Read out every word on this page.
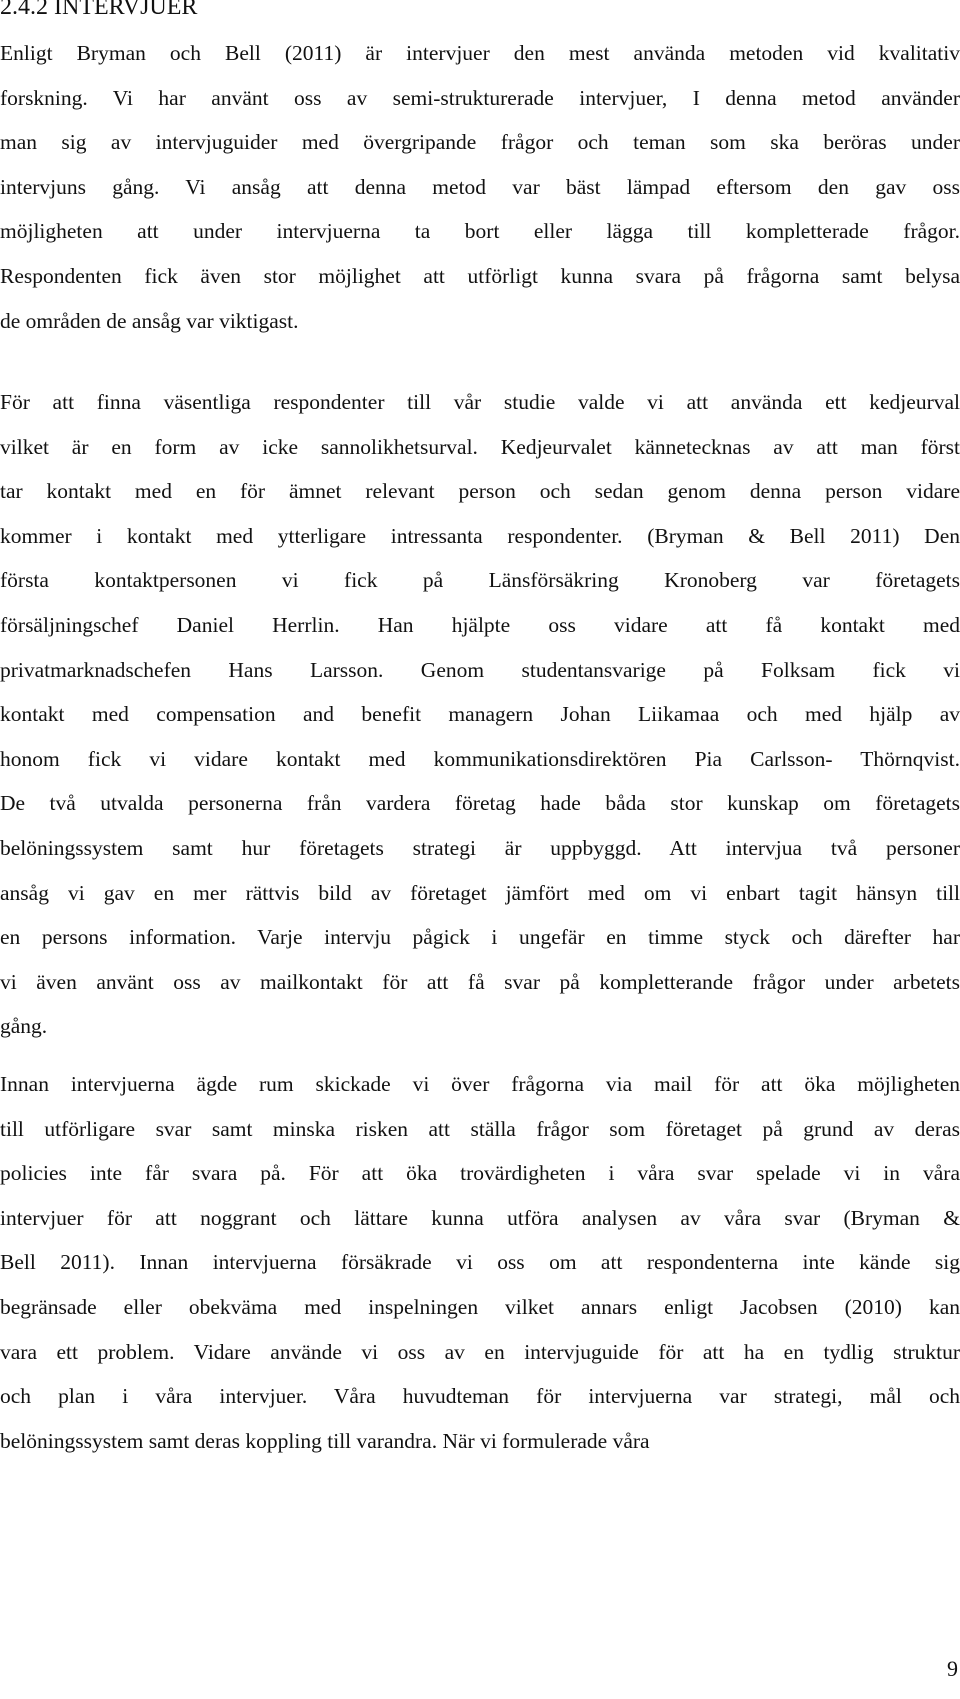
2.4.2 INTERVJUER
Enligt Bryman och Bell (2011) är intervjuer den mest använda metoden vid kvalitativ
forskning. Vi har använt oss av semi-strukturerade intervjuer, I denna metod använder
man sig av intervjuguider med övergripande frågor och teman som ska beröras under
intervjuns gång. Vi ansåg att denna metod var bäst lämpad eftersom den gav oss
möjligheten att under intervjuerna ta bort eller lägga till kompletterade frågor.
Respondenten fick även stor möjlighet att utförligt kunna svara på frågorna samt belysa
de områden de ansåg var viktigast.
För att finna väsentliga respondenter till vår studie valde vi att använda ett kedjeurval
vilket är en form av icke sannolikhetsurval. Kedjeurvalet kännetecknas av att man först
tar kontakt med en för ämnet relevant person och sedan genom denna person vidare
kommer i kontakt med ytterligare intressanta respondenter. (Bryman & Bell 2011) Den
första kontaktpersonen vi fick på Länsförsäkring Kronoberg var företagets
försäljningschef Daniel Herrlin. Han hjälpte oss vidare att få kontakt med
privatmarknadschefen Hans Larsson. Genom studentansvarige på Folksam fick vi
kontakt med compensation and benefit managern Johan Liikamaa och med hjälp av
honom fick vi vidare kontakt med kommunikationsdirektören Pia Carlsson- Thörnqvist.
De två utvalda personerna från vardera företag hade båda stor kunskap om företagets
belöningssystem samt hur företagets strategi är uppbyggd. Att intervjua två personer
ansåg vi gav en mer rättvis bild av företaget jämfört med om vi enbart tagit hänsyn till
en persons information. Varje intervju pågick i ungefär en timme styck och därefter har
vi även använt oss av mailkontakt för att få svar på kompletterande frågor under arbetets
gång.
Innan intervjuerna ägde rum skickade vi över frågorna via mail för att öka möjligheten
till utförligare svar samt minska risken att ställa frågor som företaget på grund av deras
policies inte får svara på. För att öka trovärdigheten i våra svar spelade vi in våra
intervjuer för att noggrant och lättare kunna utföra analysen av våra svar (Bryman &
Bell 2011). Innan intervjuerna försäkrade vi oss om att respondenterna inte kände sig
begränsade eller obekväma med inspelningen vilket annars enligt Jacobsen (2010) kan
vara ett problem. Vidare använde vi oss av en intervjuguide för att ha en tydlig struktur
och plan i våra intervjuer. Våra huvudteman för intervjuerna var strategi, mål och
belöningssystem samt deras koppling till varandra. När vi formulerade våra
9
